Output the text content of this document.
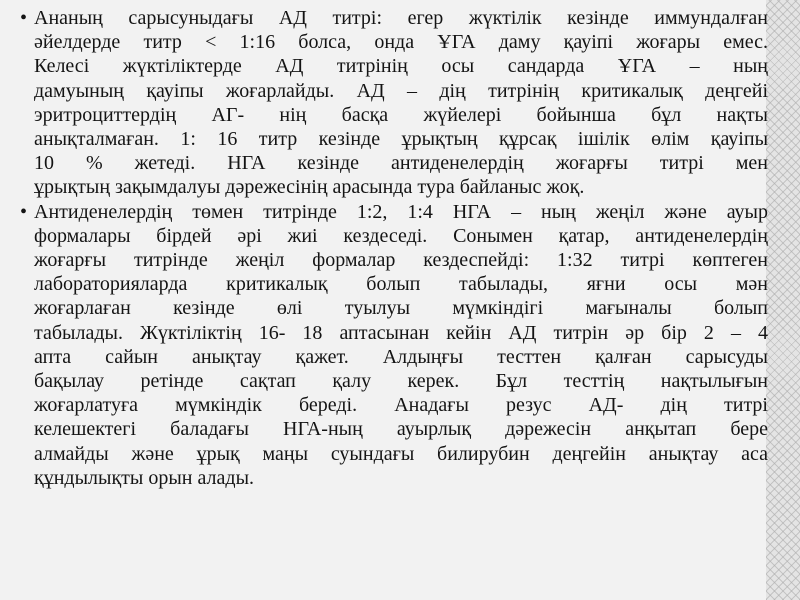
• Ананың сарысуныдағы АД титрі: егер жүктілік кезінде иммундалған
әйелдерде титр < 1:16 болса, онда ҰГА даму қауіпі жоғары емес.
Келесі жүктіліктерде АД титрінің осы сандарда ҰГА – ның
дамуының қауіпы жоғарлайды. АД – дің титрінің критикалық деңгейі
эритроциттердің АГ- нің басқа жүйелері бойынша бұл нақты
анықталмаған. 1: 16 титр кезінде ұрықтың құрсақ ішілік өлім қауіпы
10 % жетеді. НГА кезінде антиденелердің жоғарғы титрі мен
ұрықтың зақымдалуы дәрежесінің арасында тура байланыс жоқ.
• Антиденелердің төмен титрінде 1:2, 1:4 НГА – ның жеңіл және ауыр
формалары бірдей әрі жиі кездеседі. Сонымен қатар, антиденелердің
жоғарғы титрінде жеңіл формалар кездеспейді: 1:32 титрі көптеген
лабораторияларда критикалық болып табылады, яғни осы мән
жоғарлаған кезінде өлі туылуы мүмкіндігі мағыналы болып
табылады. Жүктіліктің 16- 18 аптасынан кейін АД титрін әр бір 2 – 4
апта сайын анықтау қажет. Алдыңғы тесттен қалған сарысуды
бақылау ретінде сақтап қалу керек. Бұл тесттің нақтылығын
жоғарлатуға мүмкіндік береді. Анадағы резус АД- дің титрі
келешектегі баладағы НГА-ның ауырлық дәрежесін анқытап бере
алмайды және ұрық маңы суындағы билирубин деңгейін анықтау аса
құндылықты орын алады.
